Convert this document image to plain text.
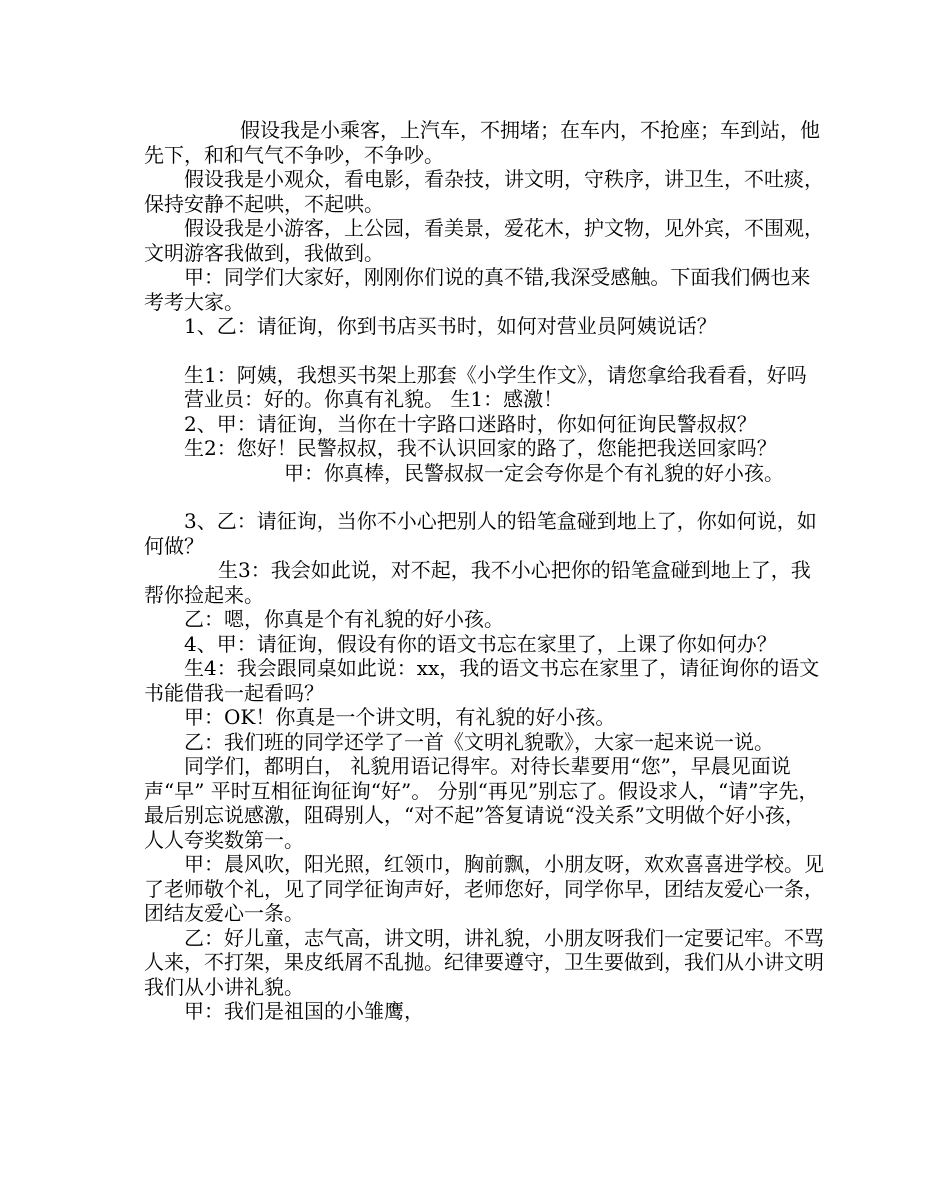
假设我是小乘客，上汽车，不拥堵；在车内，不抢座；车到站，他先下，和和气气不争吵，不争吵。

假设我是小观众，看电影，看杂技，讲文明，守秩序，讲卫生，不吐痰，保持安静不起哄，不起哄。

假设我是小游客，上公园，看美景，爱花木，护文物，见外宾，不围观，文明游客我做到，我做到。

甲：同学们大家好，刚刚你们说的真不错,我深受感触。下面我们俩也来考考大家。

1、乙：请征询，你到书店买书时，如何对营业员阿姨说话？

生1：阿姨，我想买书架上那套《小学生作文》，请您拿给我看看，好吗

营业员：好的。你真有礼貌。 生1：感激！

2、甲：请征询，当你在十字路口迷路时，你如何征询民警叔叔？

生2：您好！民警叔叔，我不认识回家的路了，您能把我送回家吗？

甲：你真棒，民警叔叔一定会夸你是个有礼貌的好小孩。

3、乙：请征询，当你不小心把别人的铅笔盒碰到地上了，你如何说，如何做？

生3：我会如此说，对不起，我不小心把你的铅笔盒碰到地上了，我帮你捡起来。

乙：嗯，你真是个有礼貌的好小孩。

4、甲：请征询，假设有你的语文书忘在家里了，上课了你如何办？

生4：我会跟同桌如此说：xx，我的语文书忘在家里了，请征询你的语文书能借我一起看吗？

甲：OK！你真是一个讲文明，有礼貌的好小孩。

乙：我们班的同学还学了一首《文明礼貌歌》，大家一起来说一说。

同学们，都明白， 礼貌用语记得牢。对待长辈要用“您”，早晨见面说声“早” 平时互相征询征询“好”。 分别“再见”别忘了。假设求人，“请”字先， 最后别忘说感激，阻碍别人，“对不起”答复请说“没关系”文明做个好小孩，人人夸奖数第一。

甲：晨风吹，阳光照，红领巾，胸前飘，小朋友呀，欢欢喜喜进学校。见了老师敬个礼，见了同学征询声好，老师您好，同学你早，团结友爱心一条，团结友爱心一条。

乙：好儿童，志气高，讲文明，讲礼貌，小朋友呀我们一定要记牢。不骂人来，不打架，果皮纸屑不乱抛。纪律要遵守，卫生要做到，我们从小讲文明我们从小讲礼貌。

甲：我们是祖国的小雏鹰，
